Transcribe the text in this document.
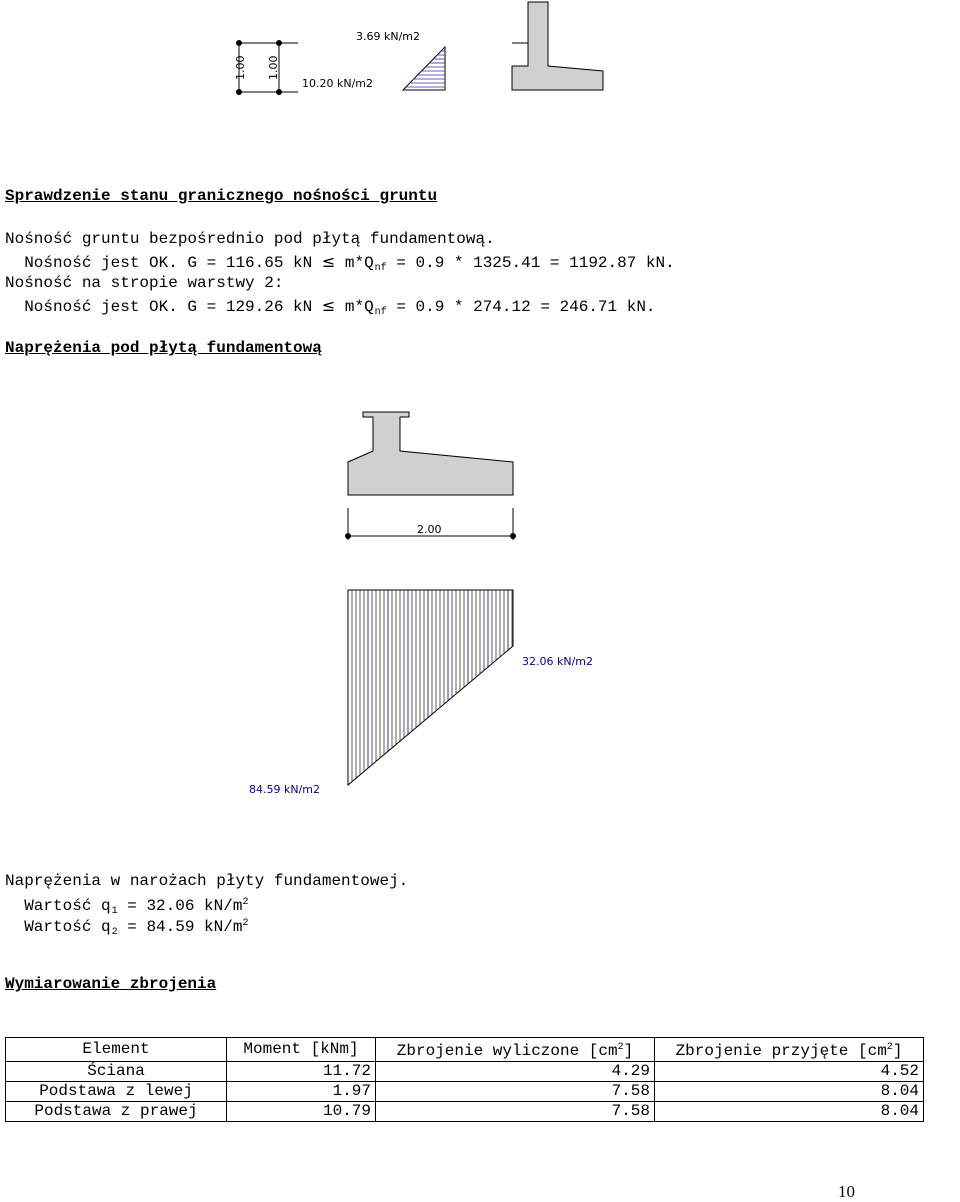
1.00 1.00
3.69 kN/m2
10.20 kN/m2
Sprawdzenie stanu granicznego nośności gruntu
Nośność gruntu bezpośrednio pod płytą fundamentową.
Nośność jest OK. G = 116.65 kN ≤ $m*Q_{nf} = 0.9 * 1325.41 = 1192.87$ kN.
Nośność na stropie warstwy 2:
Nośność jest OK. G = 129.26 kN ≤ $m*Q_{nf} = 0.9 * 274.12 = 246.71$ kN.
Naprężenia pod płytą fundamentową
2.00
32.06 kN/m2
84.59 kN/m2
Naprężenia w narożach płyty fundamentowej.
Wartość $q_1 = 32.06$ $kN/m^2$
Wartość $q_2 = 84.59$ $kN/m^2$
Wymiarowanie zbrojenia
Element	Moment [kNm]	Zbrojenie wyliczone $[cm^2]$	Zbrojenie przyjęte $[cm^2]$
Ściana	11.72	4.29	4.52
Podstawa z lewej	1.97	7.58	8.04
Podstawa z prawej	10.79	7.58	8.04
10
